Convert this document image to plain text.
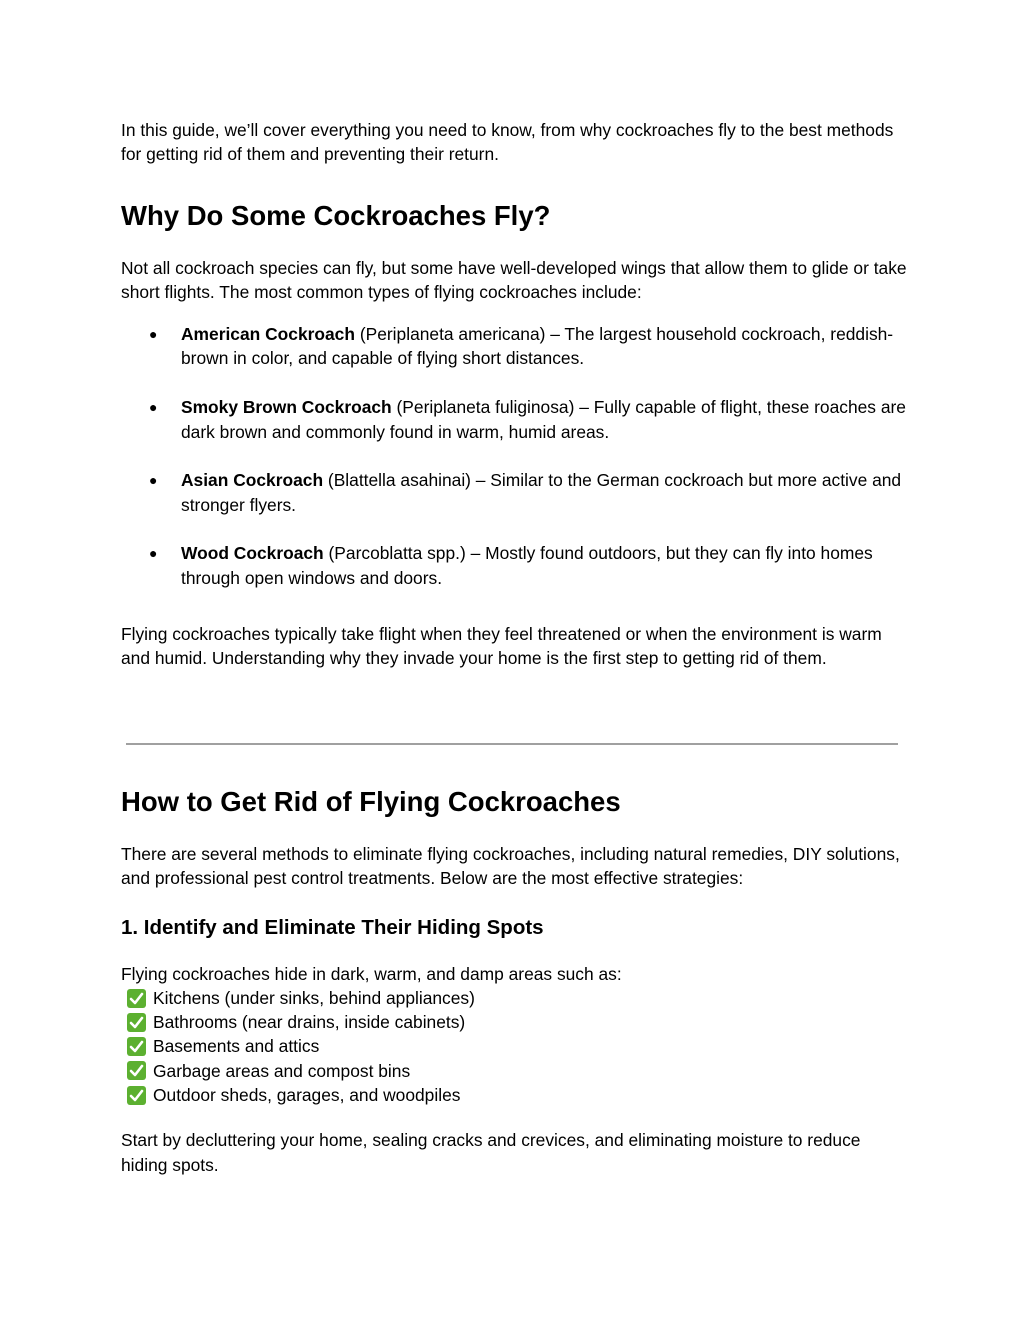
In this guide, we’ll cover everything you need to know, from why cockroaches fly to the best methods for getting rid of them and preventing their return.

Why Do Some Cockroaches Fly?

Not all cockroach species can fly, but some have well-developed wings that allow them to glide or take short flights. The most common types of flying cockroaches include:

● American Cockroach (Periplaneta americana) – The largest household cockroach, reddish-brown in color, and capable of flying short distances.
● Smoky Brown Cockroach (Periplaneta fuliginosa) – Fully capable of flight, these roaches are dark brown and commonly found in warm, humid areas.
● Asian Cockroach (Blattella asahinai) – Similar to the German cockroach but more active and stronger flyers.
● Wood Cockroach (Parcoblatta spp.) – Mostly found outdoors, but they can fly into homes through open windows and doors.

Flying cockroaches typically take flight when they feel threatened or when the environment is warm and humid. Understanding why they invade your home is the first step to getting rid of them.

How to Get Rid of Flying Cockroaches

There are several methods to eliminate flying cockroaches, including natural remedies, DIY solutions, and professional pest control treatments. Below are the most effective strategies:

1. Identify and Eliminate Their Hiding Spots

Flying cockroaches hide in dark, warm, and damp areas such as:

Kitchens (under sinks, behind appliances)
Bathrooms (near drains, inside cabinets)
Basements and attics
Garbage areas and compost bins
Outdoor sheds, garages, and woodpiles

Start by decluttering your home, sealing cracks and crevices, and eliminating moisture to reduce hiding spots.
